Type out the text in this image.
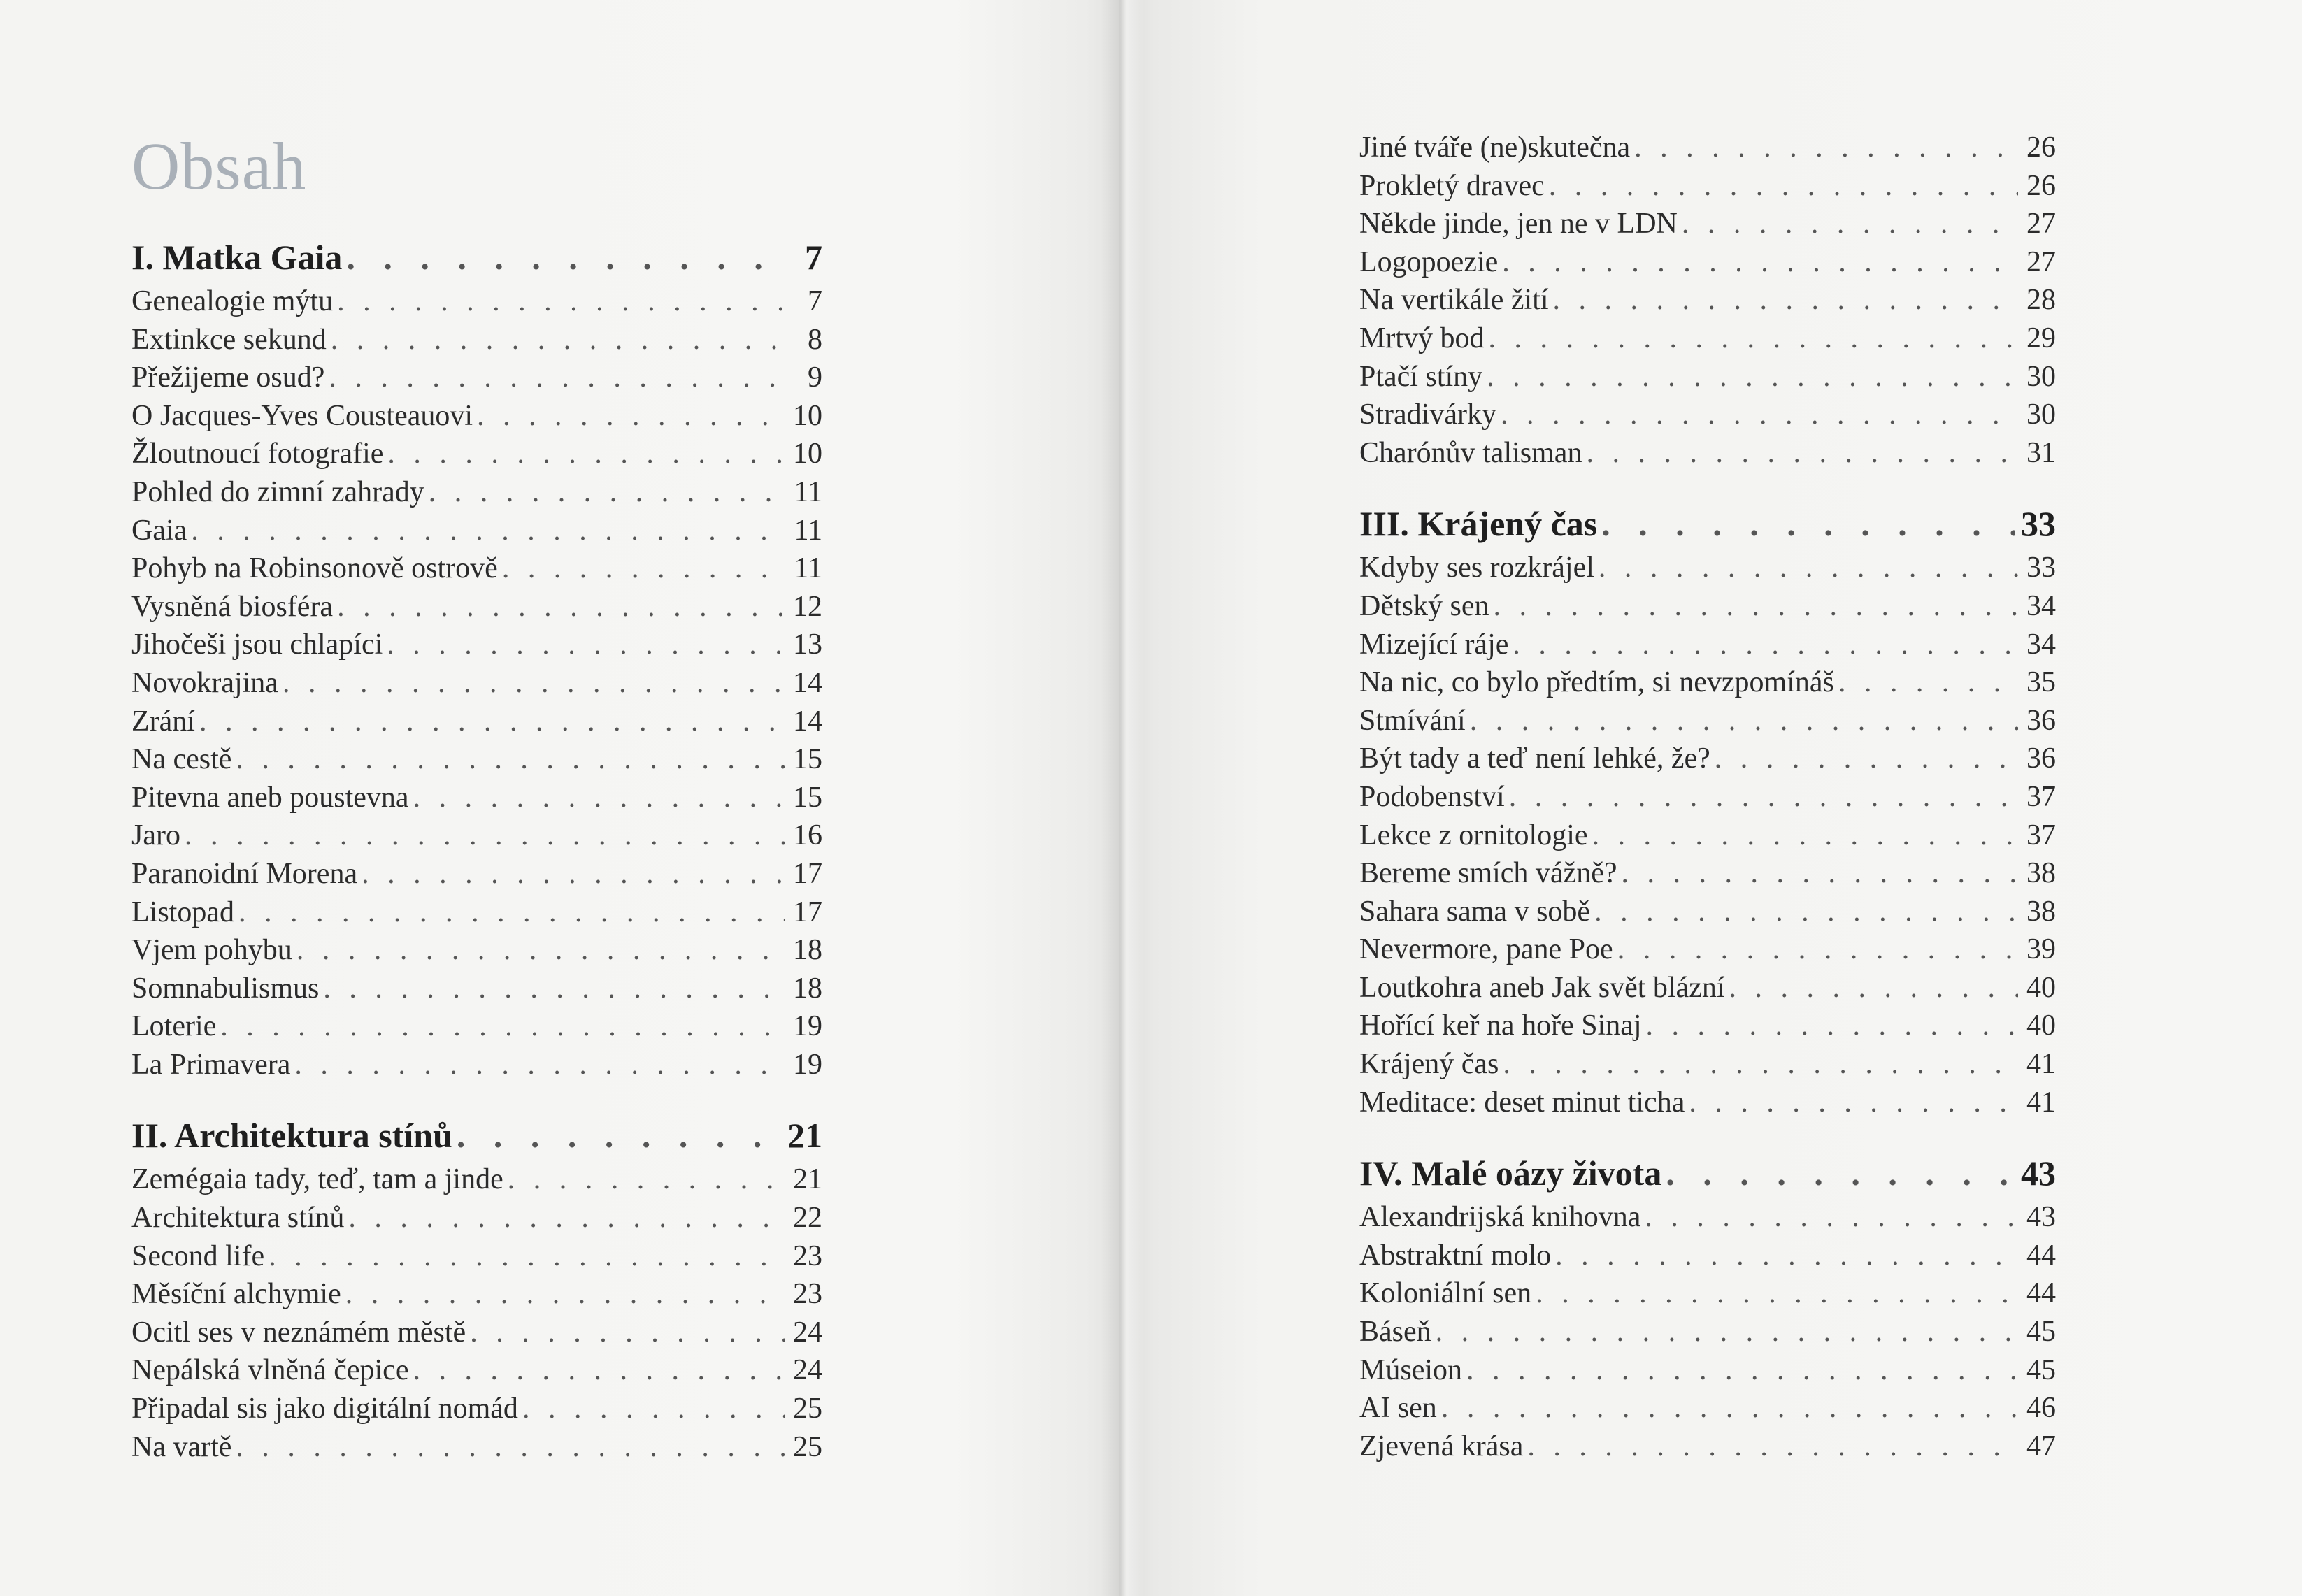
Obsah
I. Matka Gaia . . .	7
Genealogie mýtu . . .	7
Extinkce sekund . . .	8
Přežijeme osud? . . .	9
O Jacques-Yves Cousteauovi . . .	10
Žloutnoucí fotografie . . .	10
Pohled do zimní zahrady . . .	11
Gaia . . .	11
Pohyb na Robinsonově ostrově . . .	11
Vysněná biosféra . . .	12
Jihočeši jsou chlapíci . . .	13
Novokrajina . . .	14
Zrání . . .	14
Na cestě . . .	15
Pitevna aneb poustevna . . .	15
Jaro . . .	16
Paranoidní Morena . . .	17
Listopad . . .	17
Vjem pohybu . . .	18
Somnabulismus . . .	18
Loterie . . .	19
La Primavera . . .	19
II. Architektura stínů . . .	21
Zemégaia tady, teď, tam a jinde . . .	21
Architektura stínů . . .	22
Second life . . .	23
Měsíční alchymie . . .	23
Ocitl ses v neznámém městě . . .	24
Nepálská vlněná čepice . . .	24
Připadal sis jako digitální nomád . . .	25
Na vartě . . .	25
Jiné tváře (ne)skutečna . . .	26
Prokletý dravec . . .	26
Někde jinde, jen ne v LDN . . .	27
Logopoezie . . .	27
Na vertikále žití . . .	28
Mrtvý bod . . .	29
Ptačí stíny . . .	30
Stradivárky . . .	30
Charónův talisman . . .	31
III. Krájený čas . . .	33
Kdyby ses rozkrájel . . .	33
Dětský sen . . .	34
Mizející ráje . . .	34
Na nic, co bylo předtím, si nevzpomínáš . . .	35
Stmívání . . .	36
Být tady a teď není lehké, že? . . .	36
Podobenství . . .	37
Lekce z ornitologie . . .	37
Bereme smích vážně? . . .	38
Sahara sama v sobě . . .	38
Nevermore, pane Poe . . .	39
Loutkohra aneb Jak svět blázní . . .	40
Hořící keř na hoře Sinaj . . .	40
Krájený čas . . .	41
Meditace: deset minut ticha . . .	41
IV. Malé oázy života . . .	43
Alexandrijská knihovna . . .	43
Abstraktní molo . . .	44
Koloniální sen . . .	44
Báseň . . .	45
Múseion . . .	45
AI sen . . .	46
Zjevená krása . . .	47
